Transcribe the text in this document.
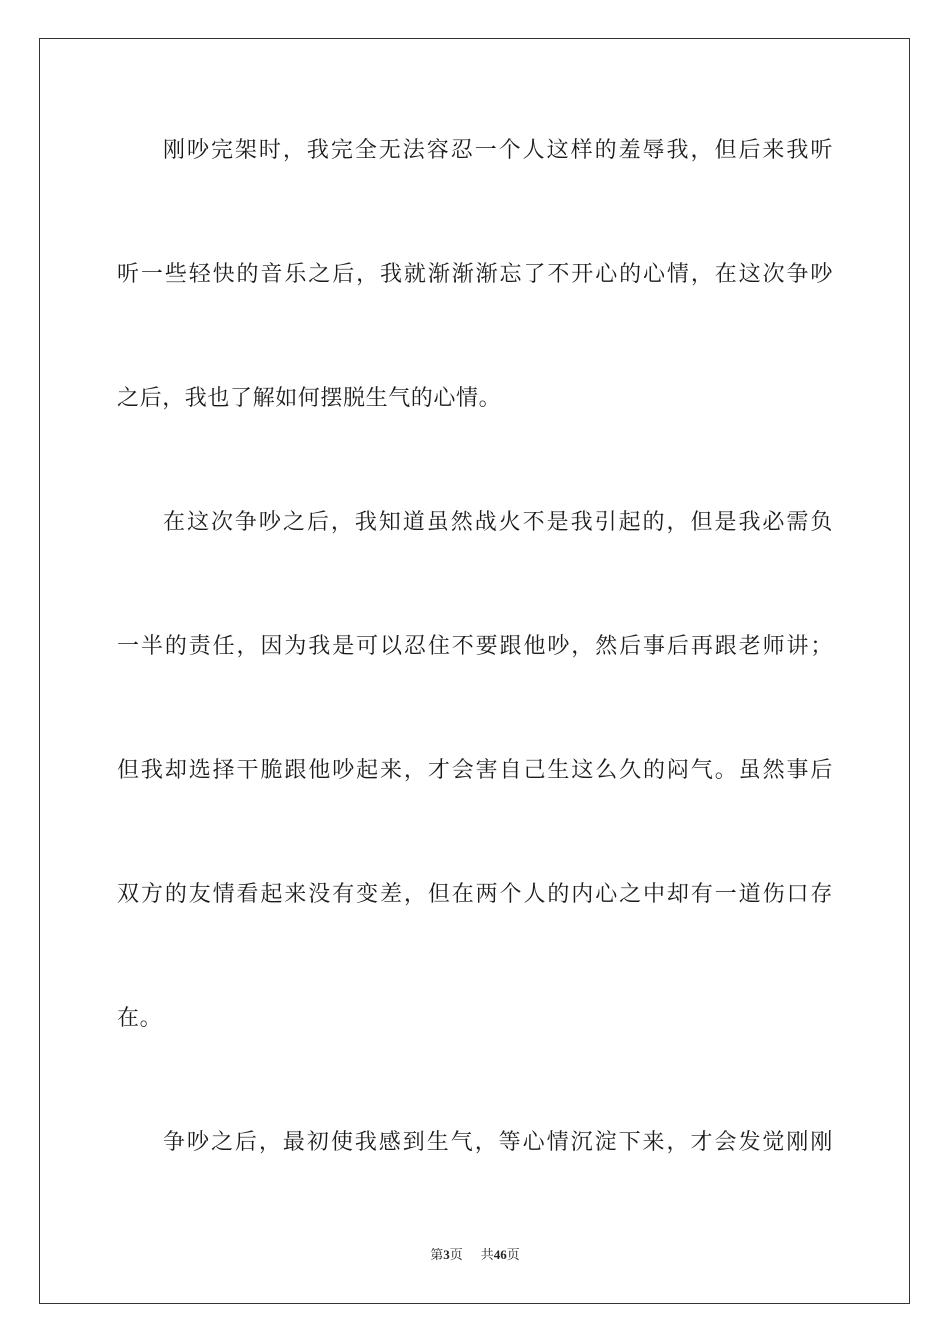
刚吵完架时，我完全无法容忍一个人这样的羞辱我，但后来我听
听一些轻快的音乐之后，我就渐渐渐忘了不开心的心情，在这次争吵
之后，我也了解如何摆脱生气的心情。
在这次争吵之后，我知道虽然战火不是我引起的，但是我必需负
一半的责任，因为我是可以忍住不要跟他吵，然后事后再跟老师讲；
但我却选择干脆跟他吵起来，才会害自己生这么久的闷气。虽然事后
双方的友情看起来没有变差，但在两个人的内心之中却有一道伤口存
在。
争吵之后，最初使我感到生气，等心情沉淀下来，才会发觉刚刚
第3页 共46页
